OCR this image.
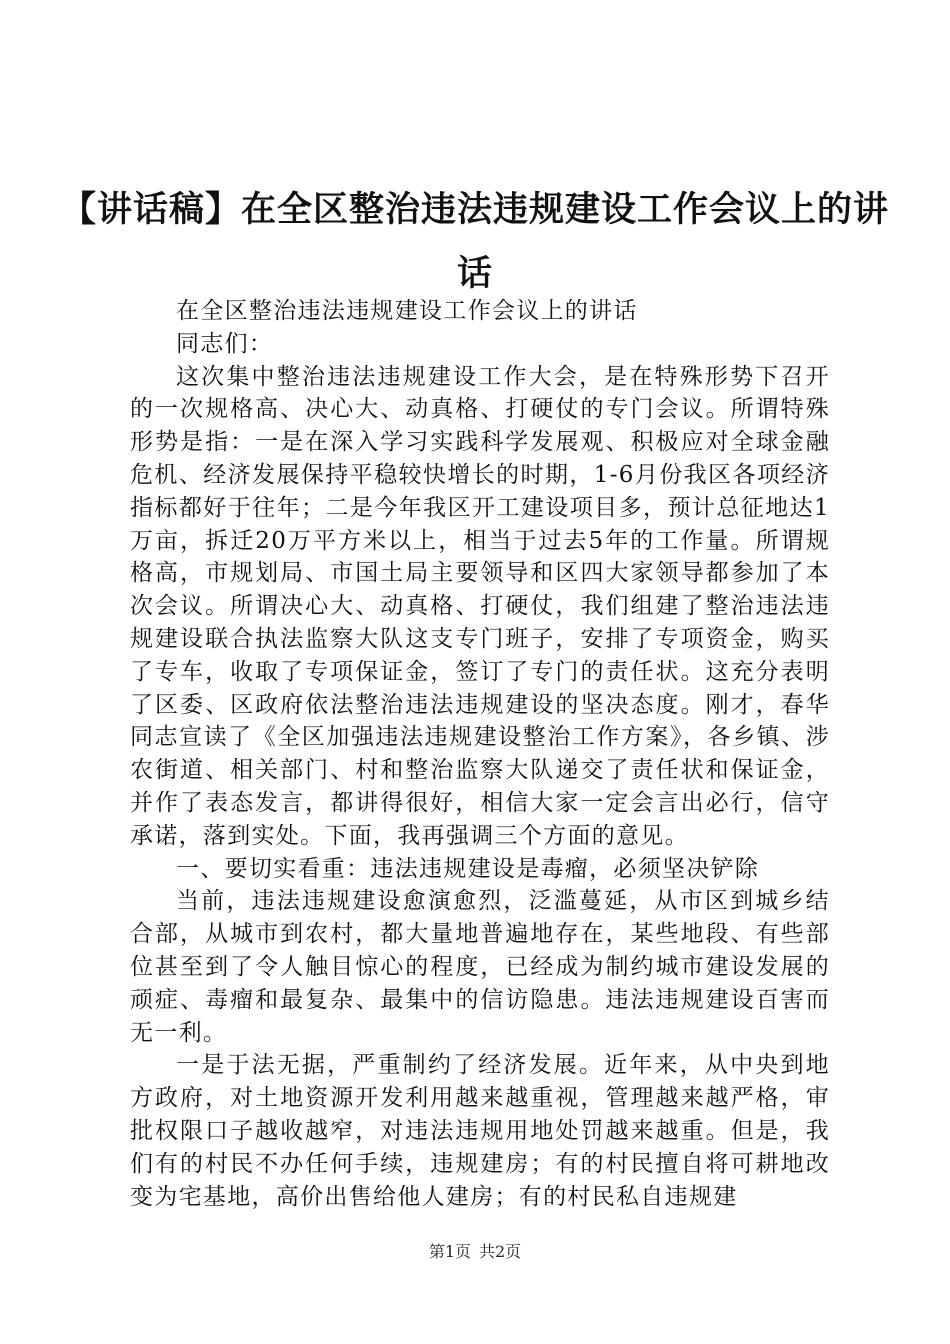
【讲话稿】在全区整治违法违规建设工作会议上的讲话

在全区整治违法违规建设工作会议上的讲话

同志们：

这次集中整治违法违规建设工作大会，是在特殊形势下召开的一次规格高、决心大、动真格、打硬仗的专门会议。所谓特殊形势是指：一是在深入学习实践科学发展观、积极应对全球金融危机、经济发展保持平稳较快增长的时期，1-6月份我区各项经济指标都好于往年；二是今年我区开工建设项目多，预计总征地达1万亩，拆迁20万平方米以上，相当于过去5年的工作量。所谓规格高，市规划局、市国土局主要领导和区四大家领导都参加了本次会议。所谓决心大、动真格、打硬仗，我们组建了整治违法违规建设联合执法监察大队这支专门班子，安排了专项资金，购买了专车，收取了专项保证金，签订了专门的责任状。这充分表明了区委、区政府依法整治违法违规建设的坚决态度。刚才，春华同志宣读了《全区加强违法违规建设整治工作方案》，各乡镇、涉农街道、相关部门、村和整治监察大队递交了责任状和保证金，并作了表态发言，都讲得很好，相信大家一定会言出必行，信守承诺，落到实处。下面，我再强调三个方面的意见。

一、要切实看重：违法违规建设是毒瘤，必须坚决铲除

当前，违法违规建设愈演愈烈，泛滥蔓延，从市区到城乡结合部，从城市到农村，都大量地普遍地存在，某些地段、有些部位甚至到了令人触目惊心的程度，已经成为制约城市建设发展的顽症、毒瘤和最复杂、最集中的信访隐患。违法违规建设百害而无一利。

一是于法无据，严重制约了经济发展。近年来，从中央到地方政府，对土地资源开发利用越来越重视，管理越来越严格，审批权限口子越收越窄，对违法违规用地处罚越来越重。但是，我们有的村民不办任何手续，违规建房；有的村民擅自将可耕地改变为宅基地，高价出售给他人建房；有的村民私自违规建

第1页 共2页
